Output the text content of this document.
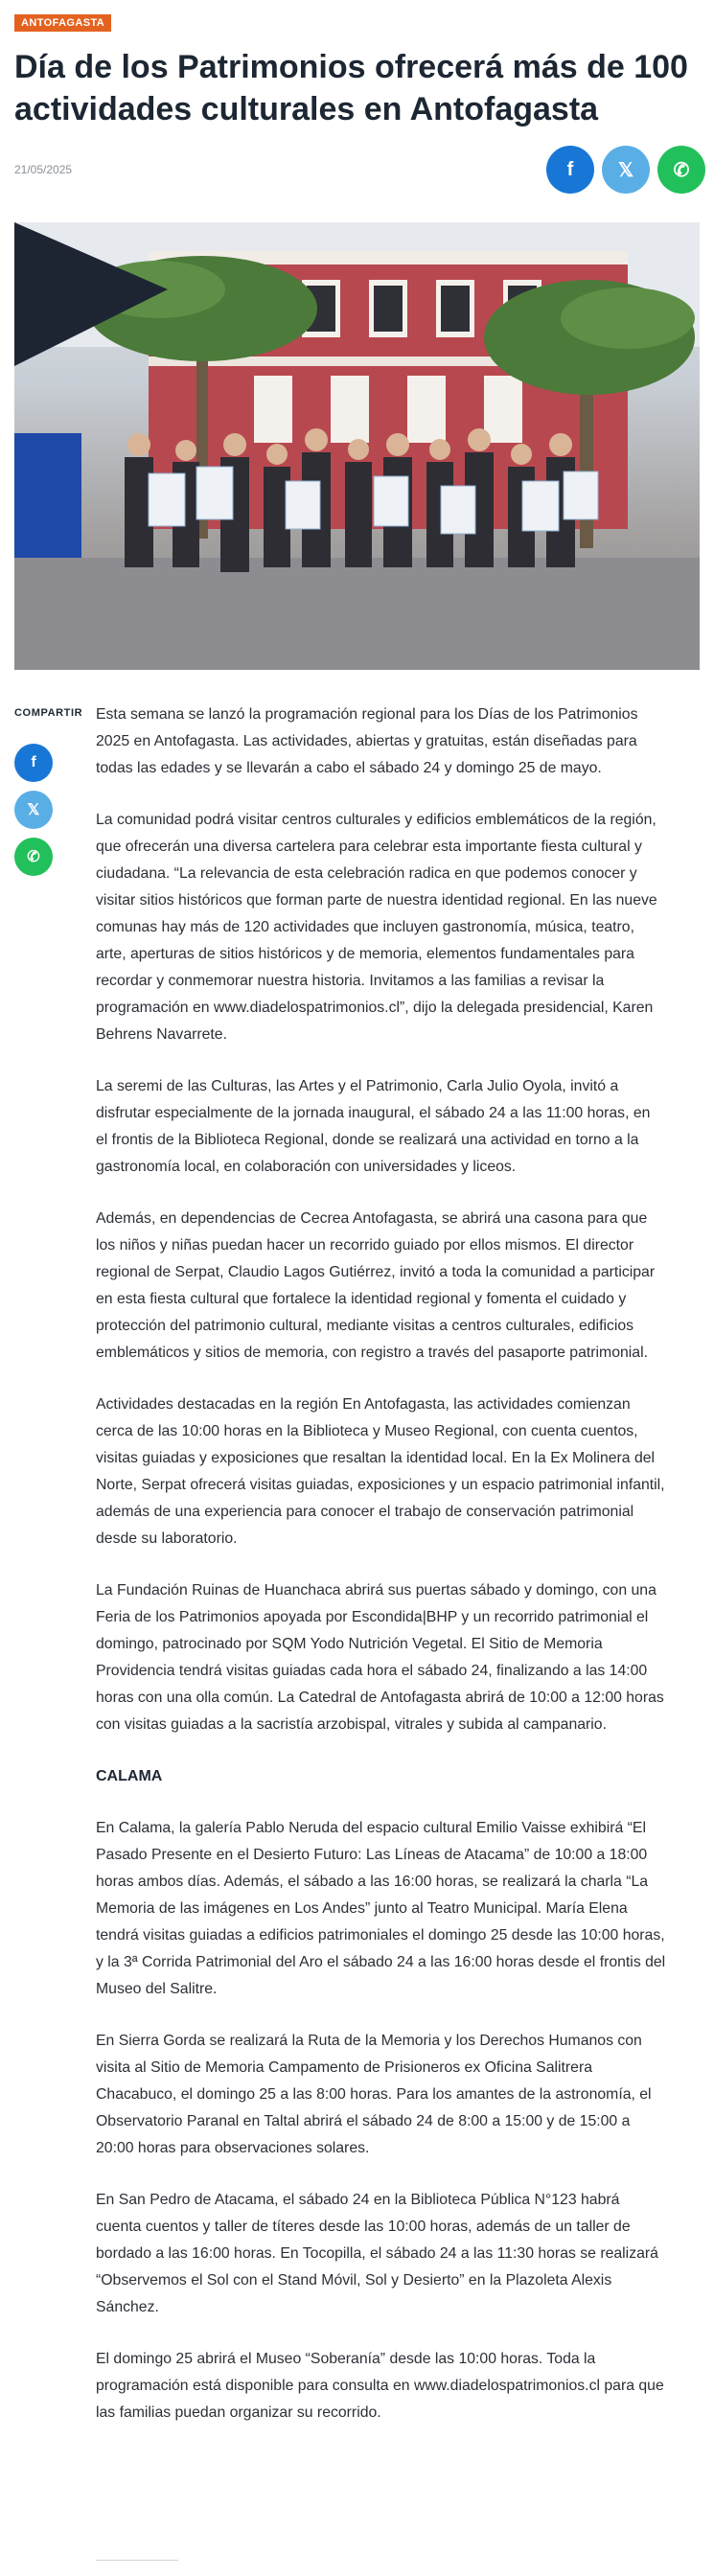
ANTOFAGASTA
Día de los Patrimonios ofrecerá más de 100 actividades culturales en Antofagasta
21/05/2025	f 𝕏 ✆
COMPARTIR
f
𝕏
✆

Esta semana se lanzó la programación regional para los Días de los Patrimonios 2025 en Antofagasta. Las actividades, abiertas y gratuitas, están diseñadas para todas las edades y se llevarán a cabo el sábado 24 y domingo 25 de mayo.

La comunidad podrá visitar centros culturales y edificios emblemáticos de la región, que ofrecerán una diversa cartelera para celebrar esta importante fiesta cultural y ciudadana. “La relevancia de esta celebración radica en que podemos conocer y visitar sitios históricos que forman parte de nuestra identidad regional. En las nueve comunas hay más de 120 actividades que incluyen gastronomía, música, teatro, arte, aperturas de sitios históricos y de memoria, elementos fundamentales para recordar y conmemorar nuestra historia. Invitamos a las familias a revisar la programación en www.diadelospatrimonios.cl”, dijo la delegada presidencial, Karen Behrens Navarrete.

La seremi de las Culturas, las Artes y el Patrimonio, Carla Julio Oyola, invitó a disfrutar especialmente de la jornada inaugural, el sábado 24 a las 11:00 horas, en el frontis de la Biblioteca Regional, donde se realizará una actividad en torno a la gastronomía local, en colaboración con universidades y liceos.

Además, en dependencias de Cecrea Antofagasta, se abrirá una casona para que los niños y niñas puedan hacer un recorrido guiado por ellos mismos. El director regional de Serpat, Claudio Lagos Gutiérrez, invitó a toda la comunidad a participar en esta fiesta cultural que fortalece la identidad regional y fomenta el cuidado y protección del patrimonio cultural, mediante visitas a centros culturales, edificios emblemáticos y sitios de memoria, con registro a través del pasaporte patrimonial.

Actividades destacadas en la región En Antofagasta, las actividades comienzan cerca de las 10:00 horas en la Biblioteca y Museo Regional, con cuenta cuentos, visitas guiadas y exposiciones que resaltan la identidad local. En la Ex Molinera del Norte, Serpat ofrecerá visitas guiadas, exposiciones y un espacio patrimonial infantil, además de una experiencia para conocer el trabajo de conservación patrimonial desde su laboratorio.

La Fundación Ruinas de Huanchaca abrirá sus puertas sábado y domingo, con una Feria de los Patrimonios apoyada por Escondida|BHP y un recorrido patrimonial el domingo, patrocinado por SQM Yodo Nutrición Vegetal. El Sitio de Memoria Providencia tendrá visitas guiadas cada hora el sábado 24, finalizando a las 14:00 horas con una olla común. La Catedral de Antofagasta abrirá de 10:00 a 12:00 horas con visitas guiadas a la sacristía arzobispal, vitrales y subida al campanario.

CALAMA

En Calama, la galería Pablo Neruda del espacio cultural Emilio Vaisse exhibirá “El Pasado Presente en el Desierto Futuro: Las Líneas de Atacama” de 10:00 a 18:00 horas ambos días. Además, el sábado a las 16:00 horas, se realizará la charla “La Memoria de las imágenes en Los Andes” junto al Teatro Municipal. María Elena tendrá visitas guiadas a edificios patrimoniales el domingo 25 desde las 10:00 horas, y la 3ª Corrida Patrimonial del Aro el sábado 24 a las 16:00 horas desde el frontis del Museo del Salitre.

En Sierra Gorda se realizará la Ruta de la Memoria y los Derechos Humanos con visita al Sitio de Memoria Campamento de Prisioneros ex Oficina Salitrera Chacabuco, el domingo 25 a las 8:00 horas. Para los amantes de la astronomía, el Observatorio Paranal en Taltal abrirá el sábado 24 de 8:00 a 15:00 y de 15:00 a 20:00 horas para observaciones solares.

En San Pedro de Atacama, el sábado 24 en la Biblioteca Pública N°123 habrá cuenta cuentos y taller de títeres desde las 10:00 horas, además de un taller de bordado a las 16:00 horas. En Tocopilla, el sábado 24 a las 11:30 horas se realizará “Observemos el Sol con el Stand Móvil, Sol y Desierto” en la Plazoleta Alexis Sánchez.

El domingo 25 abrirá el Museo “Soberanía” desde las 10:00 horas. Toda la programación está disponible para consulta en www.diadelospatrimonios.cl para que las familias puedan organizar su recorrido.
